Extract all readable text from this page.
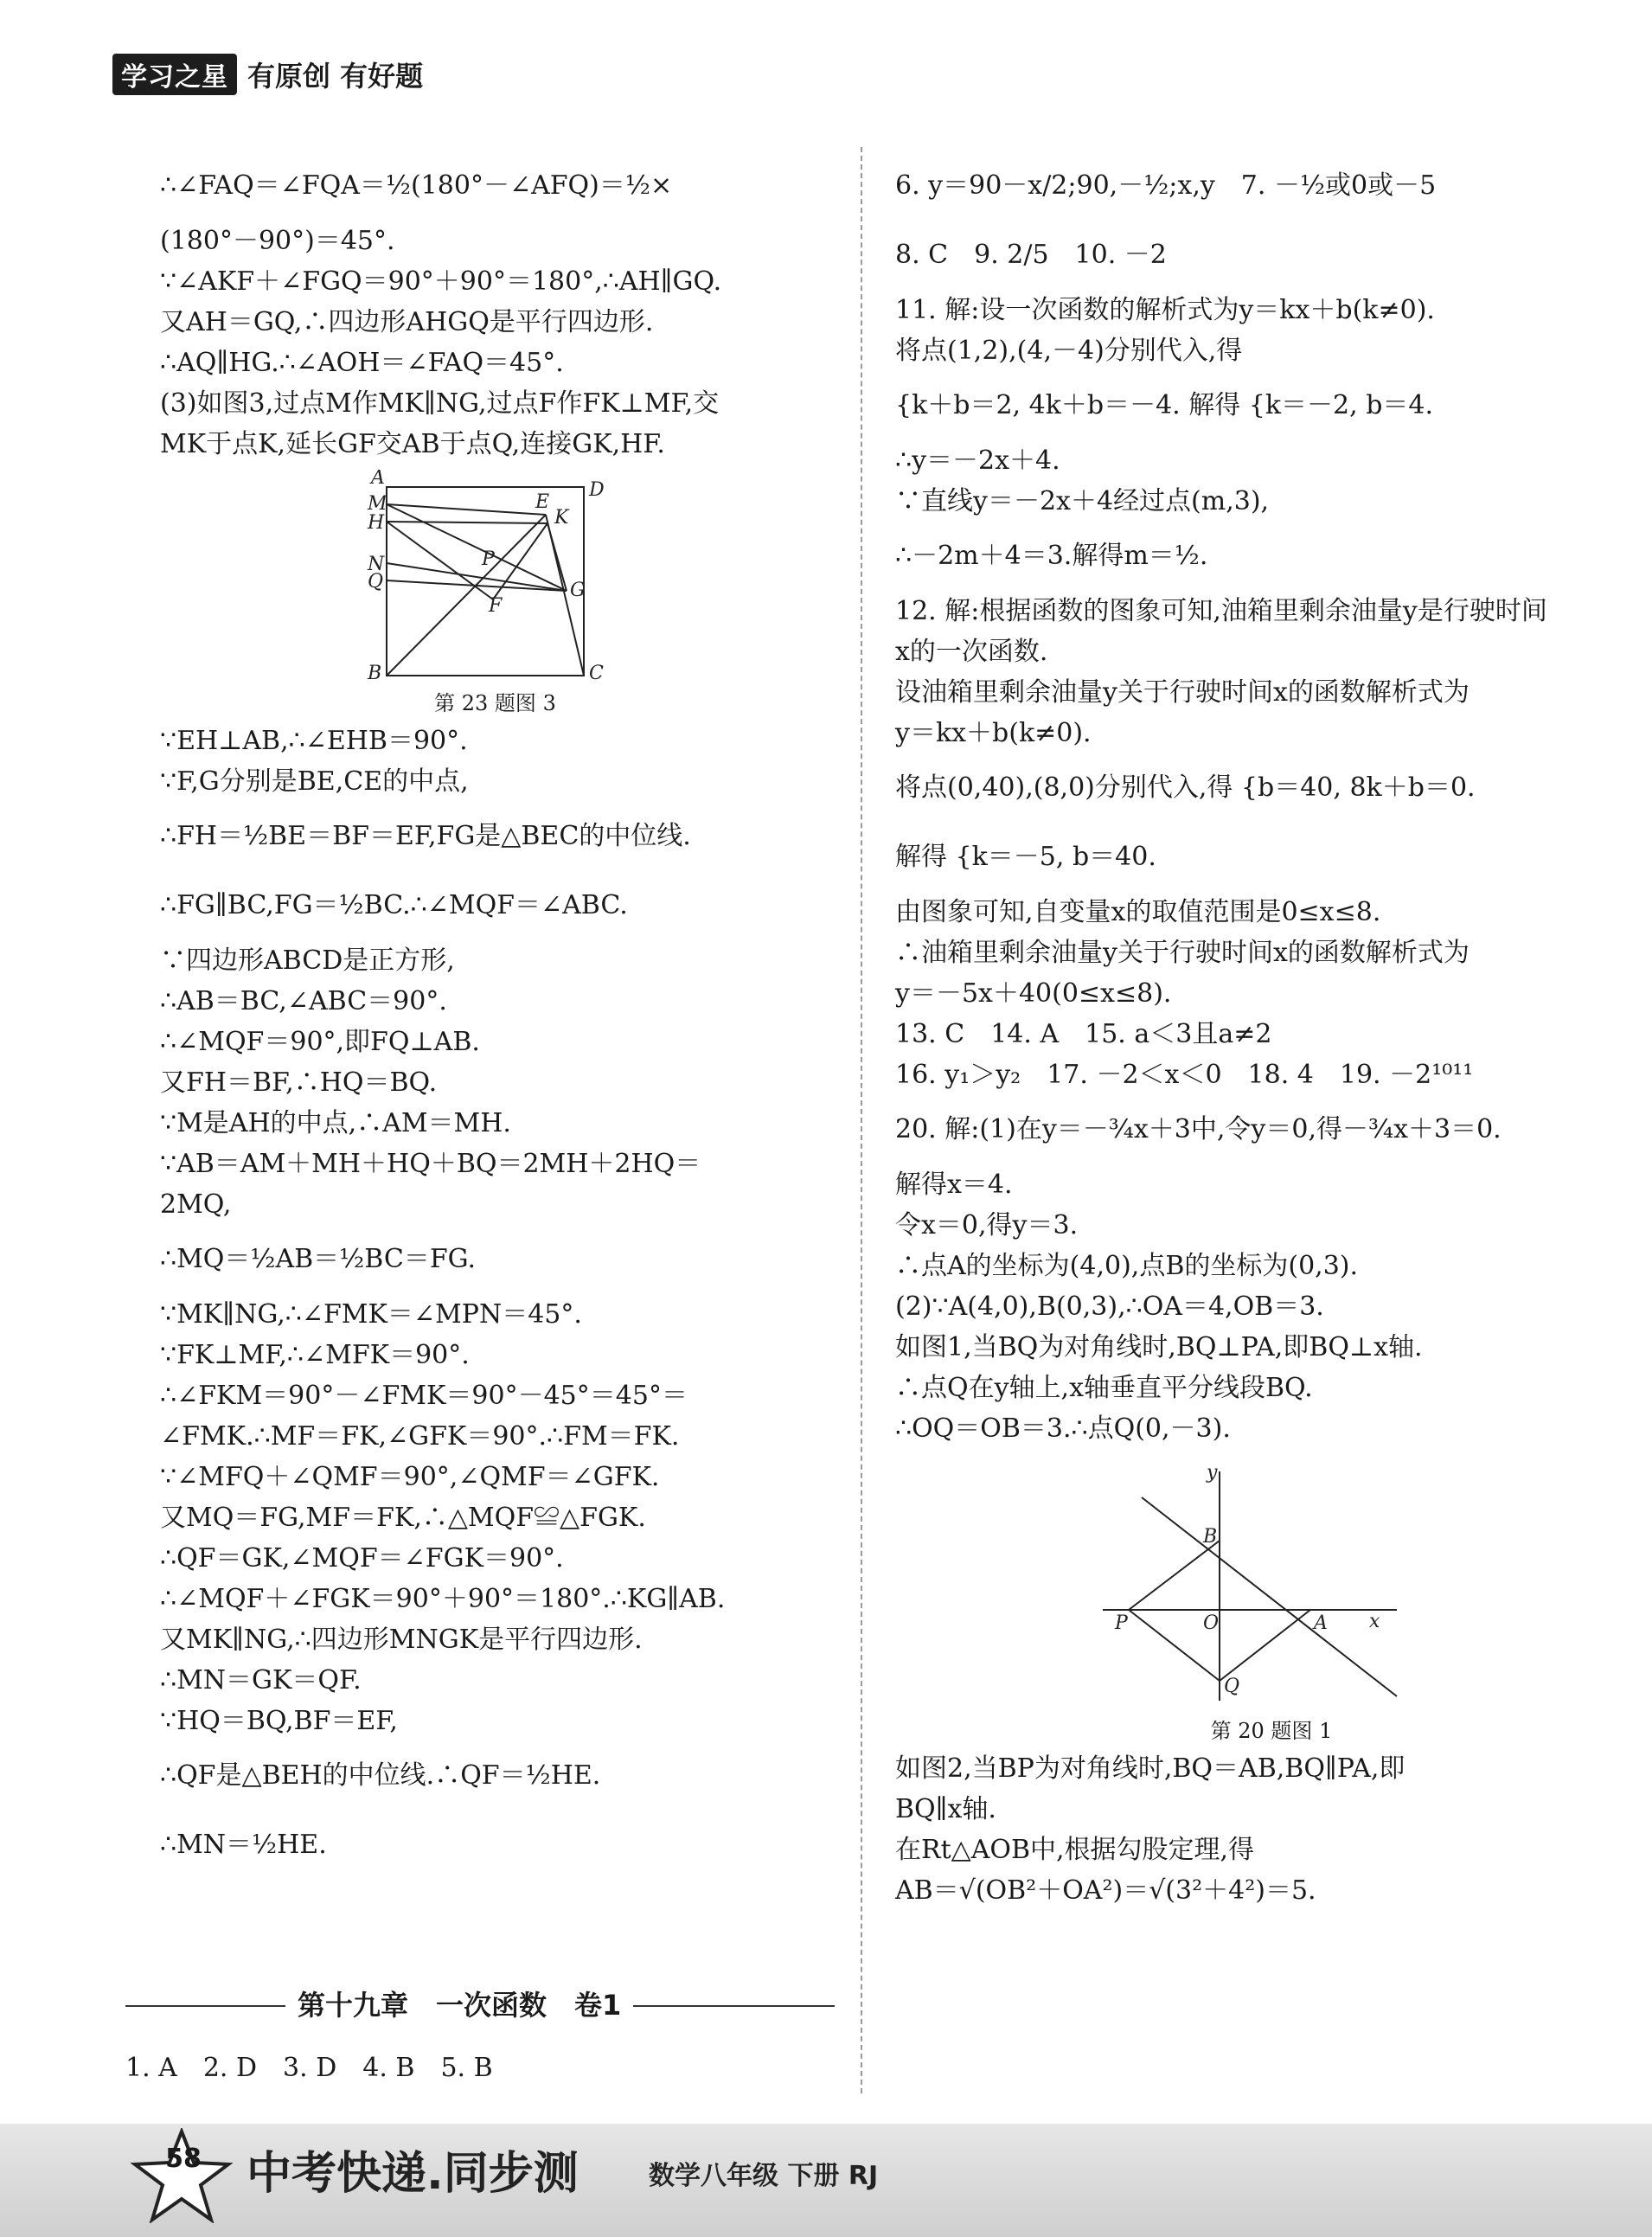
学习之星 有原创 有好题
∴∠FAQ＝∠FQA＝½(180°－∠AFQ)＝½×
(180°－90°)＝45°.
∵∠AKF＋∠FGQ＝90°＋90°＝180°,∴AH∥GQ.
又AH＝GQ,∴四边形AHGQ是平行四边形.
∴AQ∥HG.∴∠AOH＝∠FAQ＝45°.
(3)如图3,过点M作MK∥NG,过点F作FK⊥MF,交
MK于点K,延长GF交AB于点Q,连接GK,HF.
A
D
M	E
K
H
N	P
G
Q
F
B	C
第 23 题图 3
∵EH⊥AB,∴∠EHB＝90°.
∵F,G分别是BE,CE的中点,
∴FH＝½BE＝BF＝EF,FG是△BEC的中位线.
∴FG∥BC,FG＝½BC.∴∠MQF＝∠ABC.
∵四边形ABCD是正方形,
∴AB＝BC,∠ABC＝90°.
∴∠MQF＝90°,即FQ⊥AB.
又FH＝BF,∴HQ＝BQ.
∵M是AH的中点,∴AM＝MH.
∵AB＝AM＋MH＋HQ＋BQ＝2MH＋2HQ＝
2MQ,
∴MQ＝½AB＝½BC＝FG.
∵MK∥NG,∴∠FMK＝∠MPN＝45°.
∵FK⊥MF,∴∠MFK＝90°.
∴∠FKM＝90°－∠FMK＝90°－45°＝45°＝
∠FMK.∴MF＝FK,∠GFK＝90°.∴FM＝FK.
∵∠MFQ＋∠QMF＝90°,∠QMF＝∠GFK.
又MQ＝FG,MF＝FK,∴△MQF≌△FGK.
∴QF＝GK,∠MQF＝∠FGK＝90°.
∴∠MQF＋∠FGK＝90°＋90°＝180°.∴KG∥AB.
又MK∥NG,∴四边形MNGK是平行四边形.
∴MN＝GK＝QF.
∵HQ＝BQ,BF＝EF,
∴QF是△BEH的中位线.∴QF＝½HE.
∴MN＝½HE.
第十九章　一次函数　卷1
1. A　2. D　3. D　4. B　5. B
6. y＝90－x/2;90,－½;x,y　7. －½或0或－5
8. C　9. 2/5　10. －2
11. 解:设一次函数的解析式为y＝kx＋b(k≠0).
将点(1,2),(4,－4)分别代入,得
{k＋b＝2, 4k＋b＝－4. 解得 {k＝－2, b＝4.
∴y＝－2x＋4.
∵直线y＝－2x＋4经过点(m,3),
∴－2m＋4＝3.解得m＝½.
12. 解:根据函数的图象可知,油箱里剩余油量y是行驶时间
x的一次函数.
设油箱里剩余油量y关于行驶时间x的函数解析式为
y＝kx＋b(k≠0).
将点(0,40),(8,0)分别代入,得 {b＝40, 8k＋b＝0.
解得 {k＝－5, b＝40.
由图象可知,自变量x的取值范围是0≤x≤8.
∴油箱里剩余油量y关于行驶时间x的函数解析式为
y＝－5x＋40(0≤x≤8).
13. C　14. A　15. a＜3且a≠2
16. y₁＞y₂　17. －2＜x＜0　18. 4　19. －2¹⁰¹¹
20. 解:(1)在y＝－¾x＋3中,令y＝0,得－¾x＋3＝0.
解得x＝4.
令x＝0,得y＝3.
∴点A的坐标为(4,0),点B的坐标为(0,3).
(2)∵A(4,0),B(0,3),∴OA＝4,OB＝3.
如图1,当BQ为对角线时,BQ⊥PA,即BQ⊥x轴.
∴点Q在y轴上,x轴垂直平分线段BQ.
∴OQ＝OB＝3.∴点Q(0,－3).
y
B
P	O	A x
Q
第 20 题图 1
如图2,当BP为对角线时,BQ＝AB,BQ∥PA,即
BQ∥x轴.
在Rt△AOB中,根据勾股定理,得
AB＝√(OB²＋OA²)＝√(3²＋4²)＝5.
58	中考快递.同步测	数学八年级 下册 RJ
